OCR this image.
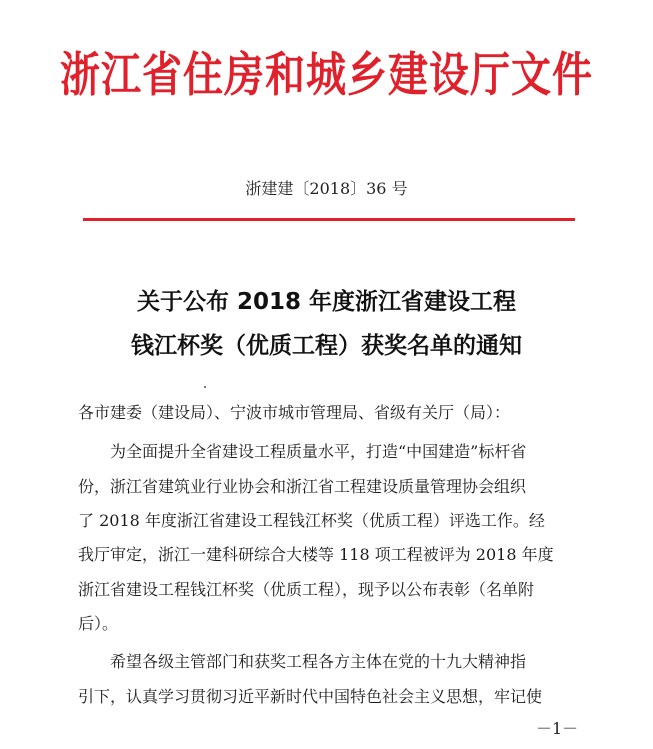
浙江省住房和城乡建设厅文件
浙建建〔2018〕36 号
关于公布 2018 年度浙江省建设工程
钱江杯奖（优质工程）获奖名单的通知
各市建委（建设局）、宁波市城市管理局、省级有关厅（局）：
　　为全面提升全省建设工程质量水平，打造“中国建造”标杆省
份，浙江省建筑业行业协会和浙江省工程建设质量管理协会组织
了 2018 年度浙江省建设工程钱江杯奖（优质工程）评选工作。经
我厅审定，浙江一建科研综合大楼等 118 项工程被评为 2018 年度
浙江省建设工程钱江杯奖（优质工程），现予以公布表彰（名单附
后）。
　　希望各级主管部门和获奖工程各方主体在党的十九大精神指
引下，认真学习贯彻习近平新时代中国特色社会主义思想，牢记使
－1－
